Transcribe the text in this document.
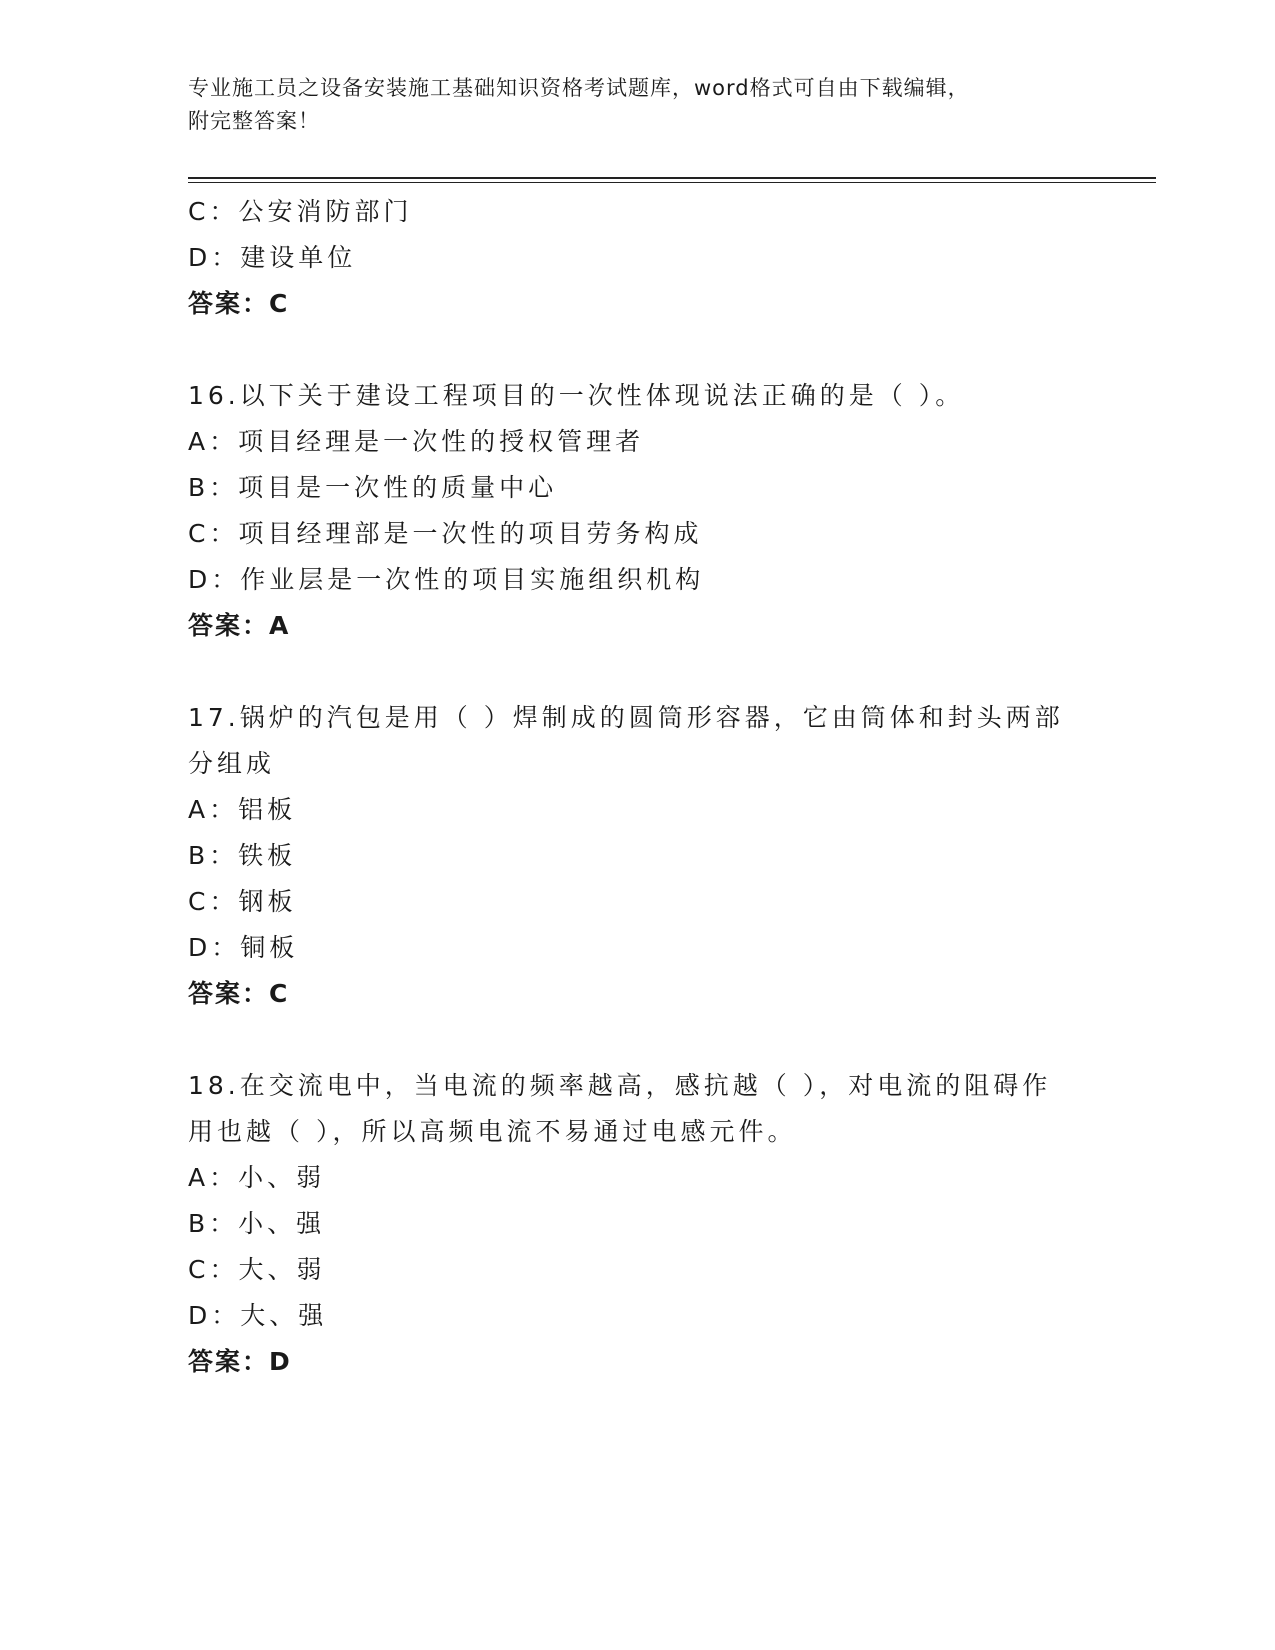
专业施工员之设备安装施工基础知识资格考试题库，word格式可自由下载编辑，
附完整答案！
C：公安消防部门
D：建设单位
答案：C
16.以下关于建设工程项目的一次性体现说法正确的是（ ）。
A：项目经理是一次性的授权管理者
B：项目是一次性的质量中心
C：项目经理部是一次性的项目劳务构成
D：作业层是一次性的项目实施组织机构
答案：A
17.锅炉的汽包是用（ ）焊制成的圆筒形容器，它由筒体和封头两部
分组成
A：铝板
B：铁板
C：钢板
D：铜板
答案：C
18.在交流电中，当电流的频率越高，感抗越（ ），对电流的阻碍作
用也越（ ），所以高频电流不易通过电感元件。
A：小、弱
B：小、强
C：大、弱
D：大、强
答案：D
